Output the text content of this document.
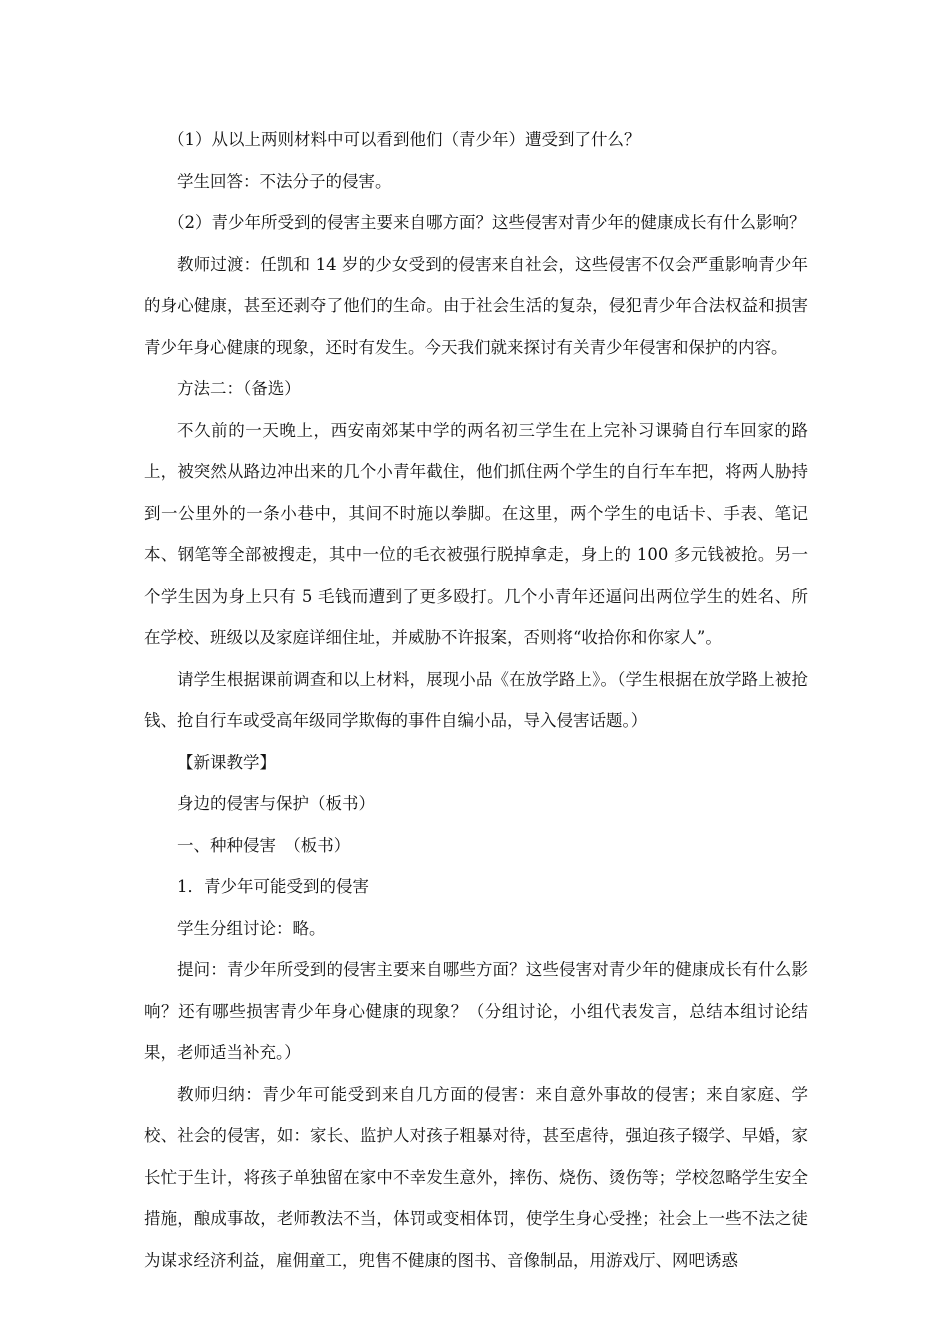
（1）从以上两则材料中可以看到他们（青少年）遭受到了什么？

学生回答：不法分子的侵害。

（2）青少年所受到的侵害主要来自哪方面？这些侵害对青少年的健康成长有什么影响？

教师过渡：任凯和 14 岁的少女受到的侵害来自社会，这些侵害不仅会严重影响青少年的身心健康，甚至还剥夺了他们的生命。由于社会生活的复杂，侵犯青少年合法权益和损害青少年身心健康的现象，还时有发生。今天我们就来探讨有关青少年侵害和保护的内容。

方法二：（备选）

不久前的一天晚上，西安南郊某中学的两名初三学生在上完补习课骑自行车回家的路上，被突然从路边冲出来的几个小青年截住，他们抓住两个学生的自行车车把，将两人胁持到一公里外的一条小巷中，其间不时施以拳脚。在这里，两个学生的电话卡、手表、笔记本、钢笔等全部被搜走，其中一位的毛衣被强行脱掉拿走，身上的 100 多元钱被抢。另一个学生因为身上只有 5 毛钱而遭到了更多殴打。几个小青年还逼问出两位学生的姓名、所在学校、班级以及家庭详细住址，并威胁不许报案，否则将“收拾你和你家人”。

请学生根据课前调查和以上材料，展现小品《在放学路上》。（学生根据在放学路上被抢钱、抢自行车或受高年级同学欺侮的事件自编小品，导入侵害话题。）

【新课教学】

身边的侵害与保护（板书）

一、种种侵害　（板书）

1．青少年可能受到的侵害

学生分组讨论：略。

提问：青少年所受到的侵害主要来自哪些方面？这些侵害对青少年的健康成长有什么影响？还有哪些损害青少年身心健康的现象？（分组讨论，小组代表发言，总结本组讨论结果，老师适当补充。）

教师归纳：青少年可能受到来自几方面的侵害：来自意外事故的侵害；来自家庭、学校、社会的侵害，如：家长、监护人对孩子粗暴对待，甚至虐待，强迫孩子辍学、早婚，家长忙于生计，将孩子单独留在家中不幸发生意外，摔伤、烧伤、烫伤等；学校忽略学生安全措施，酿成事故，老师教法不当，体罚或变相体罚，使学生身心受挫；社会上一些不法之徒为谋求经济利益，雇佣童工，兜售不健康的图书、音像制品，用游戏厅、网吧诱惑
